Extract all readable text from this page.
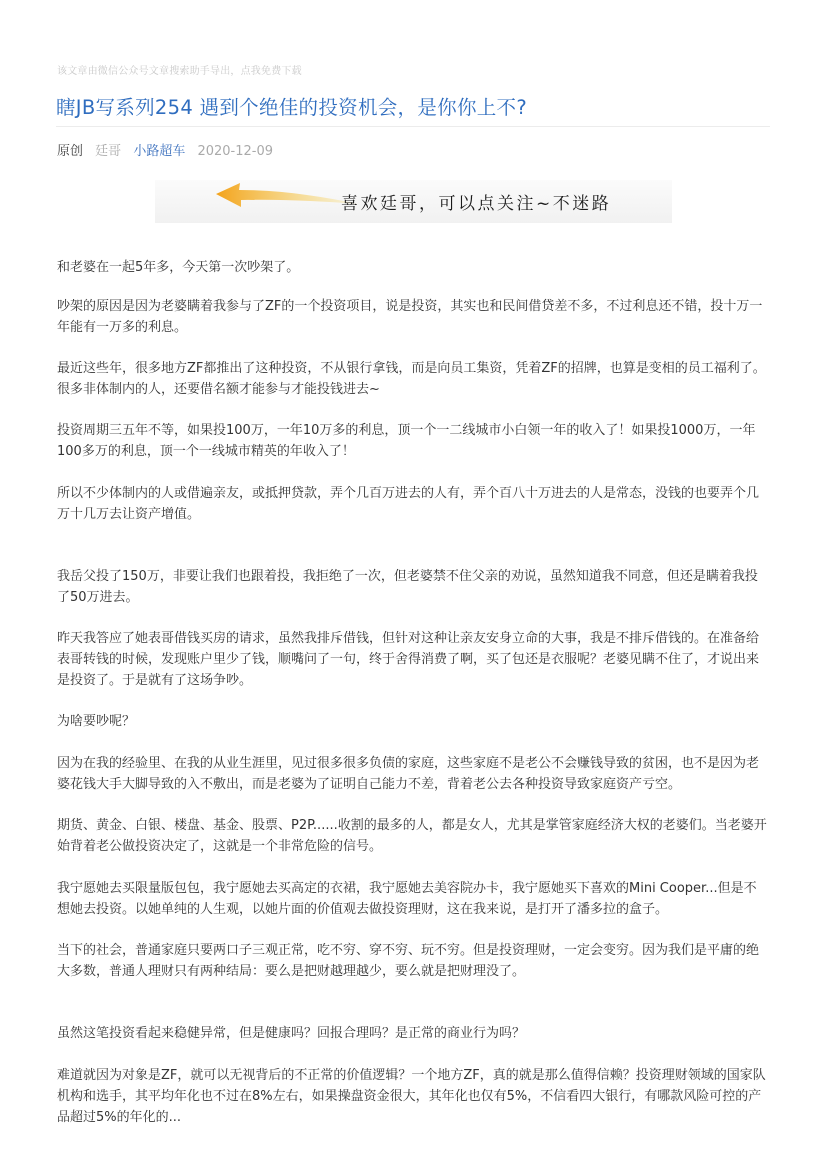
该文章由微信公众号文章搜索助手导出，点我免费下载
瞎JB写系列254 遇到个绝佳的投资机会，是你你上不?
原创 廷哥 小路超车 2020-12-09
喜欢廷哥，可以点关注~不迷路

和老婆在一起5年多，今天第一次吵架了。

吵架的原因是因为老婆瞒着我参与了ZF的一个投资项目，说是投资，其实也和民间借贷差不多，不过利息还不错，投十万一年能有一万多的利息。

最近这些年，很多地方ZF都推出了这种投资，不从银行拿钱，而是向员工集资，凭着ZF的招牌，也算是变相的员工福利了。很多非体制内的人，还要借名额才能参与才能投钱进去~

投资周期三五年不等，如果投100万，一年10万多的利息，顶一个一二线城市小白领一年的收入了！如果投1000万，一年100多万的利息，顶一个一线城市精英的年收入了！

所以不少体制内的人或借遍亲友，或抵押贷款，弄个几百万进去的人有，弄个百八十万进去的人是常态，没钱的也要弄个几万十几万去让资产增值。

我岳父投了150万，非要让我们也跟着投，我拒绝了一次，但老婆禁不住父亲的劝说，虽然知道我不同意，但还是瞒着我投了50万进去。

昨天我答应了她表哥借钱买房的请求，虽然我排斥借钱，但针对这种让亲友安身立命的大事，我是不排斥借钱的。在准备给表哥转钱的时候，发现账户里少了钱，顺嘴问了一句，终于舍得消费了啊，买了包还是衣服呢？老婆见瞒不住了，才说出来是投资了。于是就有了这场争吵。

为啥要吵呢？

因为在我的经验里、在我的从业生涯里，见过很多很多负债的家庭，这些家庭不是老公不会赚钱导致的贫困，也不是因为老婆花钱大手大脚导致的入不敷出，而是老婆为了证明自己能力不差，背着老公去各种投资导致家庭资产亏空。

期货、黄金、白银、楼盘、基金、股票、P2P......收割的最多的人，都是女人，尤其是掌管家庭经济大权的老婆们。当老婆开始背着老公做投资决定了，这就是一个非常危险的信号。

我宁愿她去买限量版包包，我宁愿她去买高定的衣裙，我宁愿她去美容院办卡，我宁愿她买下喜欢的Mini Cooper...但是不想她去投资。以她单纯的人生观，以她片面的价值观去做投资理财，这在我来说，是打开了潘多拉的盒子。

当下的社会，普通家庭只要两口子三观正常，吃不穷、穿不穷、玩不穷。但是投资理财，一定会变穷。因为我们是平庸的绝大多数，普通人理财只有两种结局：要么是把财越理越少，要么就是把财理没了。

虽然这笔投资看起来稳健异常，但是健康吗？回报合理吗？是正常的商业行为吗？

难道就因为对象是ZF，就可以无视背后的不正常的价值逻辑？一个地方ZF，真的就是那么值得信赖？投资理财领域的国家队机构和选手，其平均年化也不过在8%左右，如果操盘资金很大，其年化也仅有5%，不信看四大银行，有哪款风险可控的产品超过5%的年化的...
